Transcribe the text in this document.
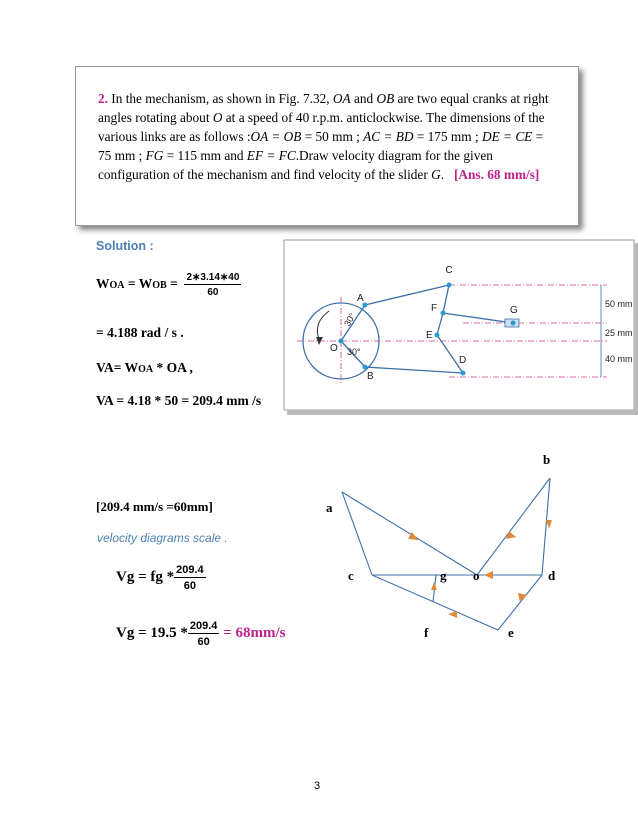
2. In the mechanism, as shown in Fig. 7.32, OA and OB are two equal cranks at right angles rotating about O at a speed of 40 r.p.m. anticlockwise. The dimensions of the various links are as follows :OA = OB = 50 mm ; AC = BD = 175 mm ; DE = CE = 75 mm ; FG = 115 mm and EF = FC.Draw velocity diagram for the given configuration of the mechanism and find velocity of the slider G. [Ans. 68 mm/s]
Solution :
WOA = WOB = $\frac{2∗3.14∗40}{60}$
= 4.188 rad / s .
VA= WOA * OA ,
VA = 4.18 * 50 = 209.4 mm /s
C
A
F	G
E
O
D
B
30°
30°
50 mm
25 mm
40 mm
[209.4 mm/s =60mm]
velocity diagrams scale .
Vg = fg * $\frac{209.4}{60}$
$Vg = 19.5 * \frac{209.4}{60} = 68mm/s$
a
b
c	g o	d
f	e
3
